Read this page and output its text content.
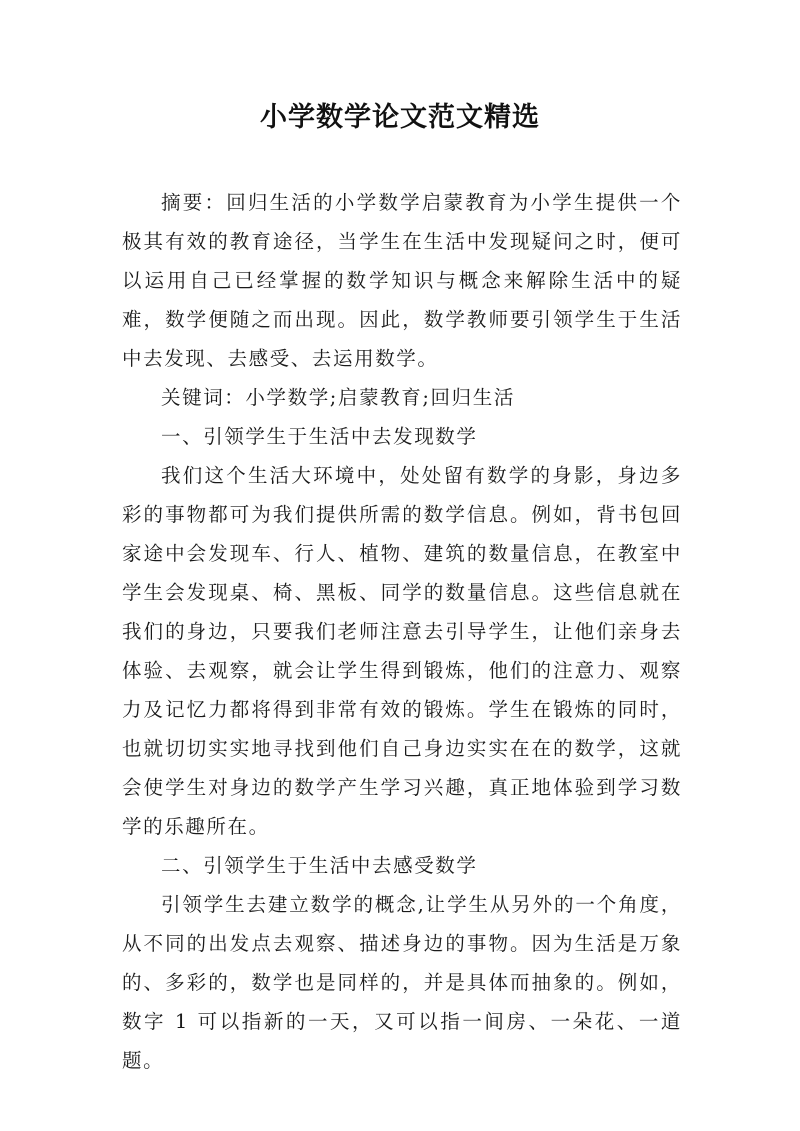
小学数学论文范文精选

摘要：回归生活的小学数学启蒙教育为小学生提供一个极其有效的教育途径，当学生在生活中发现疑问之时，便可以运用自己已经掌握的数学知识与概念来解除生活中的疑难，数学便随之而出现。因此，数学教师要引领学生于生活中去发现、去感受、去运用数学。

关键词：小学数学;启蒙教育;回归生活

一、引领学生于生活中去发现数学

我们这个生活大环境中，处处留有数学的身影，身边多彩的事物都可为我们提供所需的数学信息。例如，背书包回家途中会发现车、行人、植物、建筑的数量信息，在教室中学生会发现桌、椅、黑板、同学的数量信息。这些信息就在我们的身边，只要我们老师注意去引导学生，让他们亲身去体验、去观察，就会让学生得到锻炼，他们的注意力、观察力及记忆力都将得到非常有效的锻炼。学生在锻炼的同时，也就切切实实地寻找到他们自己身边实实在在的数学，这就会使学生对身边的数学产生学习兴趣，真正地体验到学习数学的乐趣所在。

二、引领学生于生活中去感受数学

引领学生去建立数学的概念,让学生从另外的一个角度，从不同的出发点去观察、描述身边的事物。因为生活是万象的、多彩的，数学也是同样的，并是具体而抽象的。例如，数字 1 可以指新的一天，又可以指一间房、一朵花、一道题。
